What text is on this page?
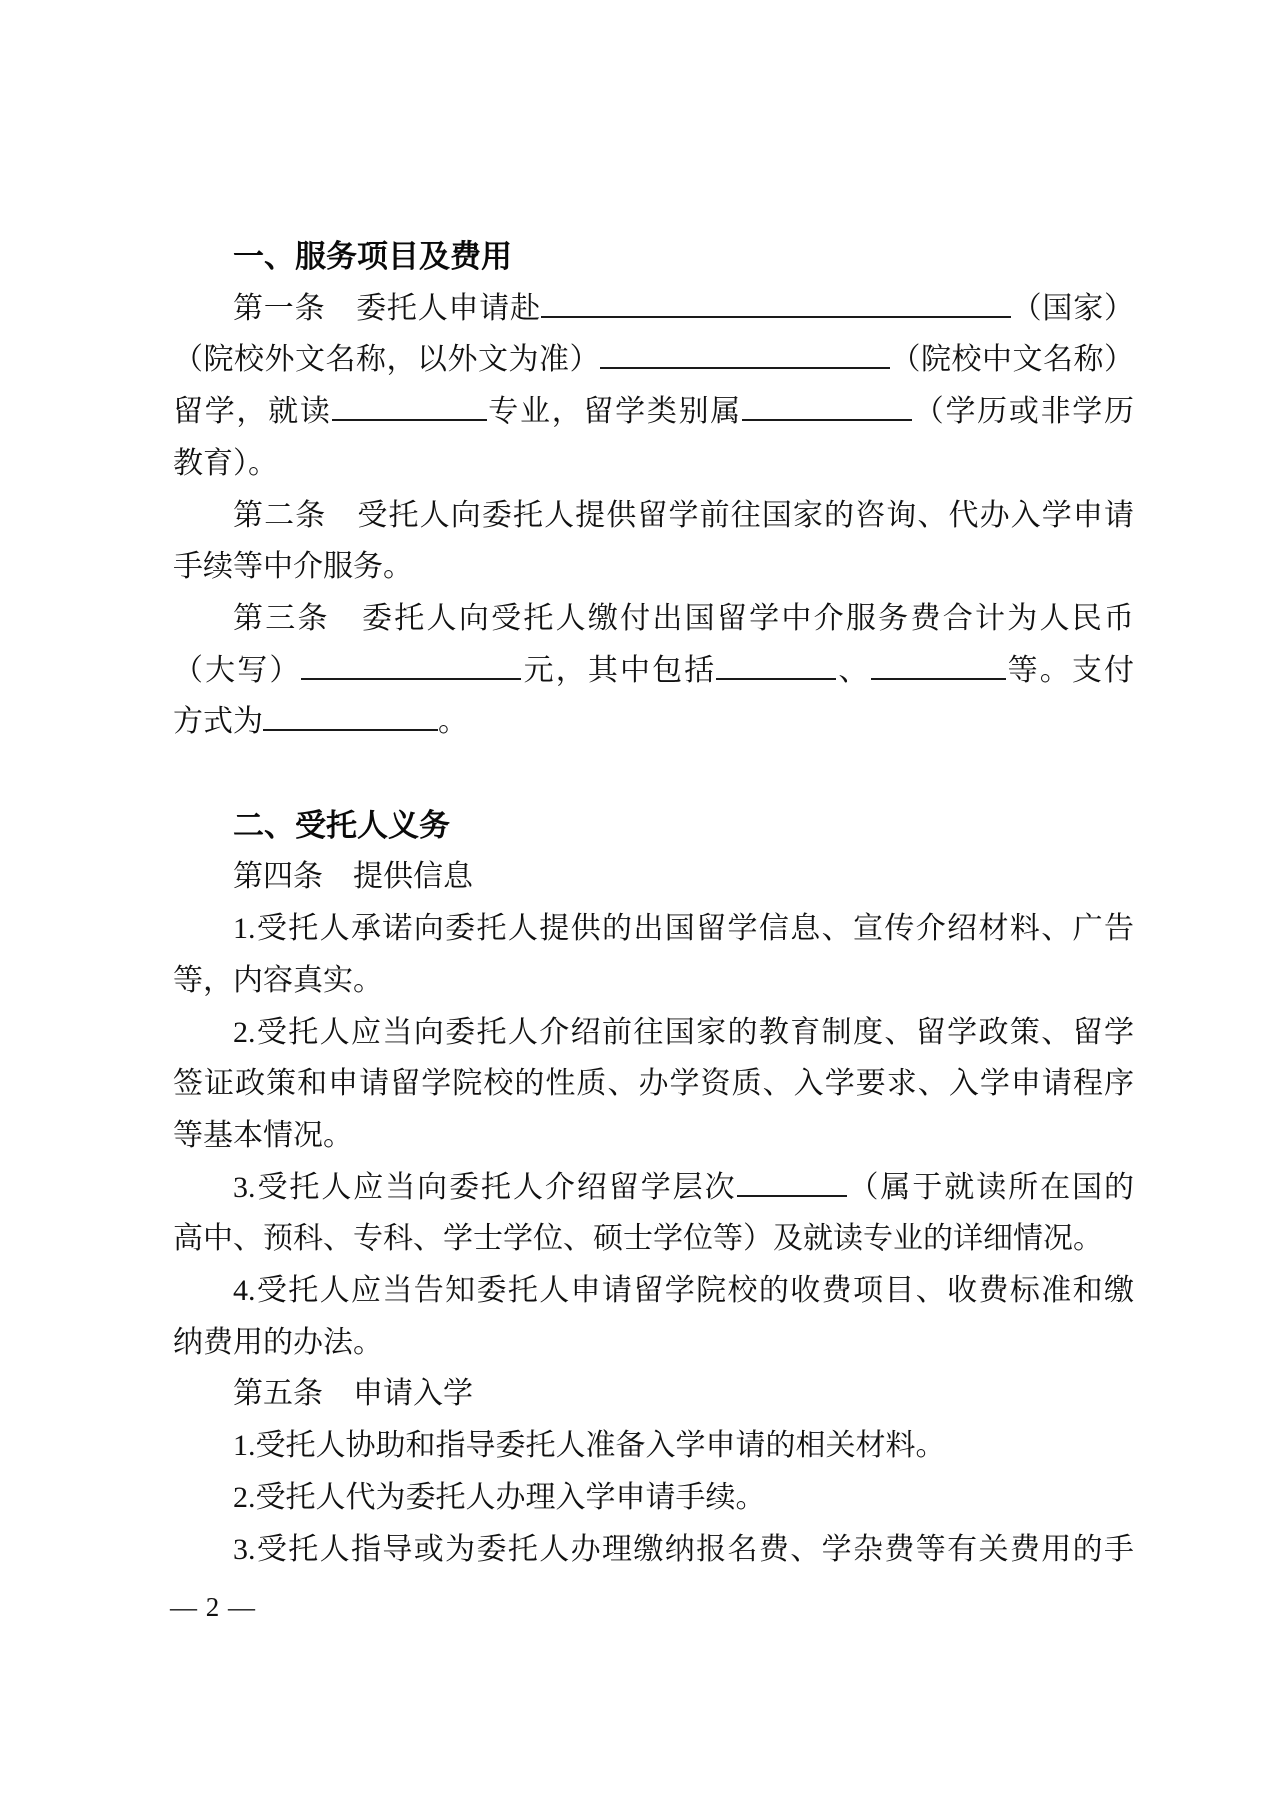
一、服务项目及费用
第一条　委托人申请赴	（国家）
（院校外文名称，以外文为准）	（院校中文名称）
留学，就读	专业，留学类别属	（学历或非学历
教育）。
第二条　受托人向委托人提供留学前往国家的咨询、代办入学申请
手续等中介服务。
第三条　委托人向受托人缴付出国留学中介服务费合计为人民币
（大写）	元，其中包括	、	等。支付
方式为	。
二、受托人义务
第四条　提供信息
1.受托人承诺向委托人提供的出国留学信息、宣传介绍材料、广告
等，内容真实。
2.受托人应当向委托人介绍前往国家的教育制度、留学政策、留学
签证政策和申请留学院校的性质、办学资质、入学要求、入学申请程序
等基本情况。
3.受托人应当向委托人介绍留学层次	（属于就读所在国的
高中、预科、专科、学士学位、硕士学位等）及就读专业的详细情况。
4.受托人应当告知委托人申请留学院校的收费项目、收费标准和缴
纳费用的办法。
第五条　申请入学
1.受托人协助和指导委托人准备入学申请的相关材料。
2.受托人代为委托人办理入学申请手续。
3.受托人指导或为委托人办理缴纳报名费、学杂费等有关费用的手
— 2 —
